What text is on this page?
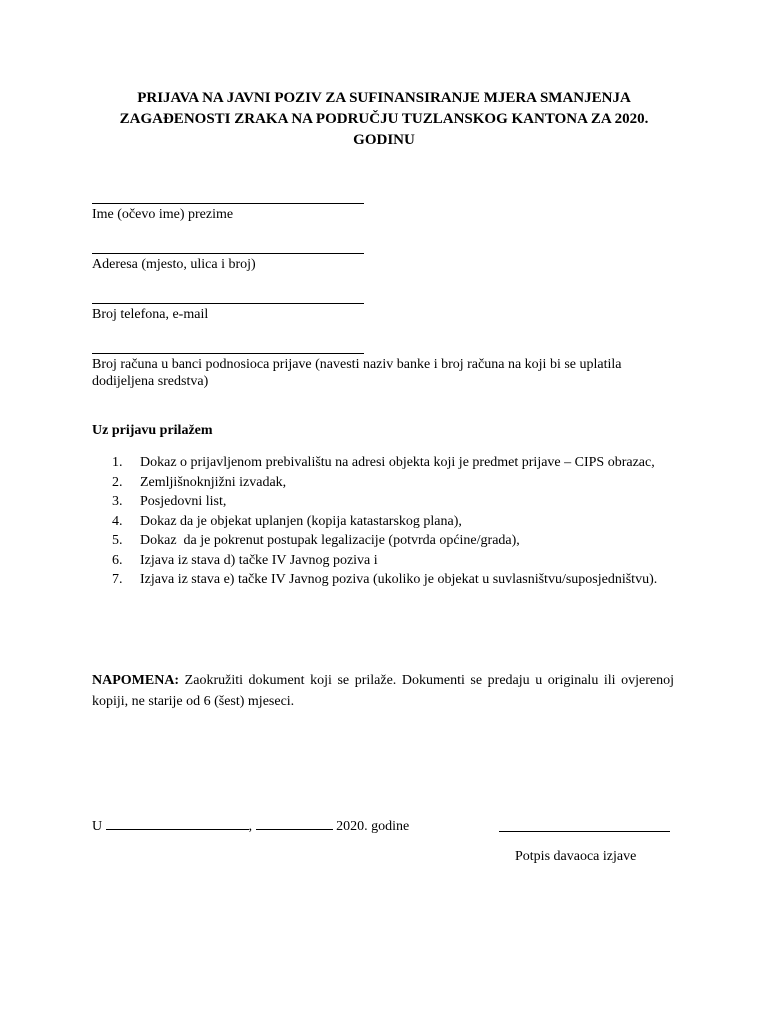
PRIJAVA NA JAVNI POZIV ZA SUFINANSIRANJE MJERA SMANJENJA ZAGAĐENOSTI ZRAKA NA PODRUČJU TUZLANSKOG KANTONA ZA 2020. GODINU
Ime (očevo ime) prezime
Aderesa (mjesto, ulica i broj)
Broj telefona, e-mail
Broj računa u banci podnosioca prijave (navesti naziv banke i broj računa na koji bi se uplatila dodijeljena sredstva)
Uz prijavu prilažem
1. Dokaz o prijavljenom prebivalištu na adresi objekta koji je predmet prijave – CIPS obrazac,
2. Zemljišnoknjižni izvadak,
3. Posjedovni list,
4. Dokaz da je objekat uplanjen (kopija katastarskog plana),
5. Dokaz  da je pokrenut postupak legalizacije (potvrda općine/grada),
6. Izjava iz stava d) tačke IV Javnog poziva i
7. Izjava iz stava e) tačke IV Javnog poziva (ukoliko je objekat u suvlasništvu/suposjedništvu).

NAPOMENA: Zaokružiti dokument koji se prilaže. Dokumenti se predaju u originalu ili ovjerenoj kopiji, ne starije od 6 (šest) mjeseci.

U	,	2020. godine
Potpis davaoca izjave
